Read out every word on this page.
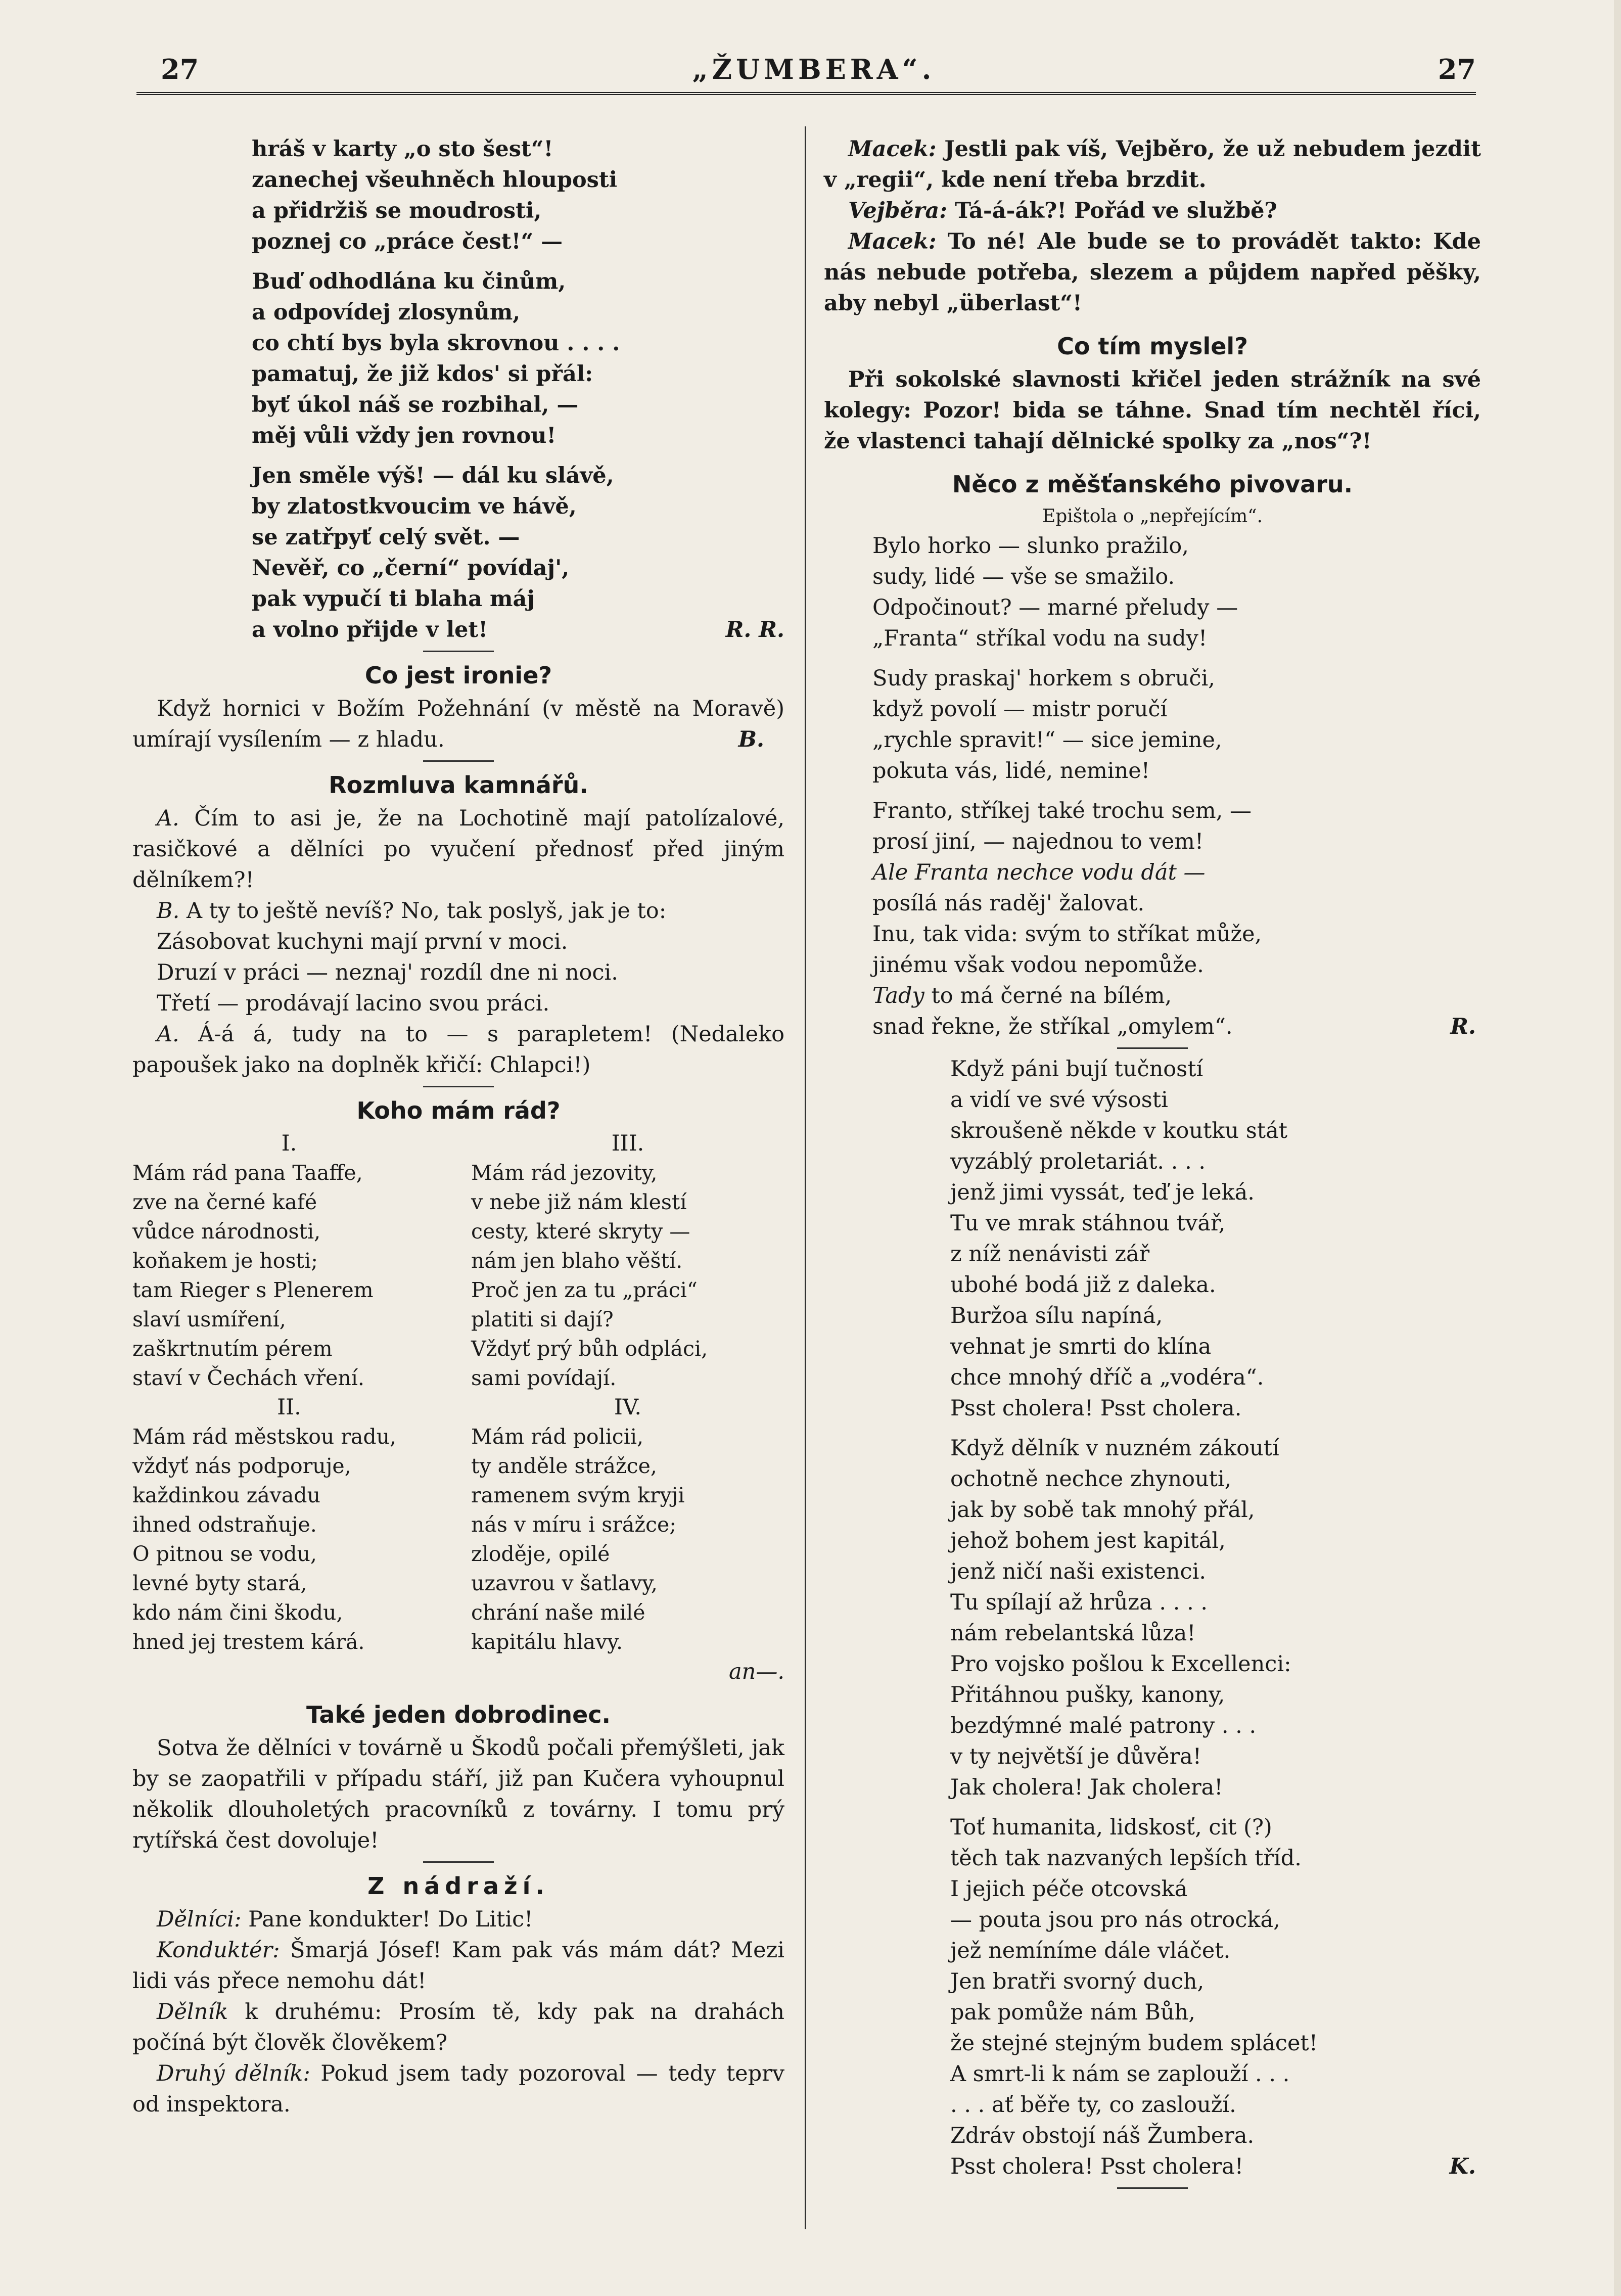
27	„ŽUMBERA“.	27

hráš v karty „o sto šest“!

zanechej všeuhněch hlouposti

a přidržiš se moudrosti,

poznej co „práce čest!“ —

Buď odhodlána ku činům,

a odpovídej zlosynům,

co chtí bys byla skrovnou . . . .

pamatuj, že již kdos' si přál:

byť úkol náš se rozbihal, —

měj vůli vždy jen rovnou!

Jen směle výš! — dál ku slávě,

by zlatostkvoucim ve hávě,

se zatřpyť celý svět. —

Nevěř, co „černí“ povídaj',

pak vypučí ti blaha máj

a volno přijde v let!	R. R.

Co jest ironie?

Když hornici v Božím Požehnání (v městě na Moravě) umírají vysílením — z hladu.	B.

Rozmluva kamnářů.

A. Čím to asi je, že na Lochotině mají patolízalové, rasičkové a dělníci po vyučení přednosť před jiným dělníkem?!

B. A ty to ještě nevíš? No, tak poslyš, jak je to:

Zásobovat kuchyni mají první v moci.

Druzí v práci — neznaj' rozdíl dne ni noci.

Třetí — prodávají lacino svou práci.

A. Á-á á, tudy na to — s parapletem! (Nedaleko papoušek jako na doplněk křičí: Chlapci!)

Koho mám rád?

I.

Mám rád pana Taaffe,

zve na černé kafé

vůdce národnosti,

koňakem je hosti;

tam Rieger s Plenerem

slaví usmíření,

zaškrtnutím pérem

staví v Čechách vření.

II.

Mám rád městskou radu,

vždyť nás podporuje,

každinkou závadu

ihned odstraňuje.

O pitnou se vodu,

levné byty stará,

kdo nám čini škodu,

hned jej trestem kárá.

III.

Mám rád jezovity,

v nebe již nám klestí

cesty, které skryty —

nám jen blaho věští.

Proč jen za tu „práci“

platiti si dají?

Vždyť prý bůh odpláci,

sami povídají.

IV.

Mám rád policii,

ty anděle strážce,

ramenem svým kryji

nás v míru i srážce;

zloděje, opilé

uzavrou v šatlavy,

chrání naše milé

kapitálu hlavy.

an—.

Také jeden dobrodinec.

Sotva že dělníci v továrně u Škodů počali přemýšleti, jak by se zaopatřili v případu stáří, již pan Kučera vyhoupnul několik dlouholetých pracovníků z továrny. I tomu prý rytířská čest dovoluje!

Z nádraží.

Dělníci: Pane kondukter! Do Litic!

Konduktér: Šmarjá Jósef! Kam pak vás mám dát? Mezi lidi vás přece nemohu dát!

Dělník k druhému: Prosím tě, kdy pak na drahách počíná být člověk člověkem?

Druhý dělník: Pokud jsem tady pozoroval — tedy teprv od inspektora.

Macek: Jestli pak víš, Vejběro, že už nebudem jezdit v „regii“, kde není třeba brzdit.

Vejběra: Tá-á-ák?! Pořád ve službě?

Macek: To né! Ale bude se to provádět takto: Kde nás nebude potřeba, slezem a půjdem napřed pěšky, aby nebyl „überlast“!

Co tím myslel?

Při sokolské slavnosti křičel jeden strážník na své kolegy: Pozor! bida se táhne. Snad tím nechtěl říci, že vlastenci tahají dělnické spolky za „nos“?!

Něco z měšťanského pivovaru.

Epištola o „nepřejícím“.

Bylo horko — slunko pražilo,

sudy, lidé — vše se smažilo.

Odpočinout? — marné přeludy —

„Franta“ stříkal vodu na sudy!

Sudy praskaj' horkem s obruči,

když povolí — mistr poručí

„rychle spravit!“ — sice jemine,

pokuta vás, lidé, nemine!

Franto, stříkej také trochu sem, —

prosí jiní, — najednou to vem!

Ale Franta nechce vodu dát —

posílá nás raděj' žalovat.

Inu, tak vida: svým to stříkat může,

jinému však vodou nepomůže.

Tady to má černé na bílém,

snad řekne, že stříkal „omylem“.	R.

Když páni bují tučností

a vidí ve své výsosti

skroušeně někde v koutku stát

vyzáblý proletariát. . . .

jenž jimi vyssát, teď je leká.

Tu ve mrak stáhnou tvář,

z níž nenávisti zář

ubohé bodá již z daleka.

Buržoa sílu napíná,

vehnat je smrti do klína

chce mnohý dříč a „vodéra“.

Psst cholera! Psst cholera.

Když dělník v nuzném zákoutí

ochotně nechce zhynouti,

jak by sobě tak mnohý přál,

jehož bohem jest kapitál,

jenž ničí naši existenci.

Tu spílají až hrůza . . . .

nám rebelantská lůza!

Pro vojsko pošlou k Excellenci:

Přitáhnou pušky, kanony,

bezdýmné malé patrony . . .

v ty největší je důvěra!

Jak cholera! Jak cholera!

Toť humanita, lidskosť, cit (?)

těch tak nazvaných lepších tříd.

I jejich péče otcovská

— pouta jsou pro nás otrocká,

jež nemíníme dále vláčet.

Jen bratři svorný duch,

pak pomůže nám Bůh,

že stejné stejným budem splácet!

A smrt-li k nám se zaplouží . . .

. . . ať běře ty, co zaslouží.

Zdráv obstojí náš Žumbera.

Psst cholera! Psst cholera!	K.
